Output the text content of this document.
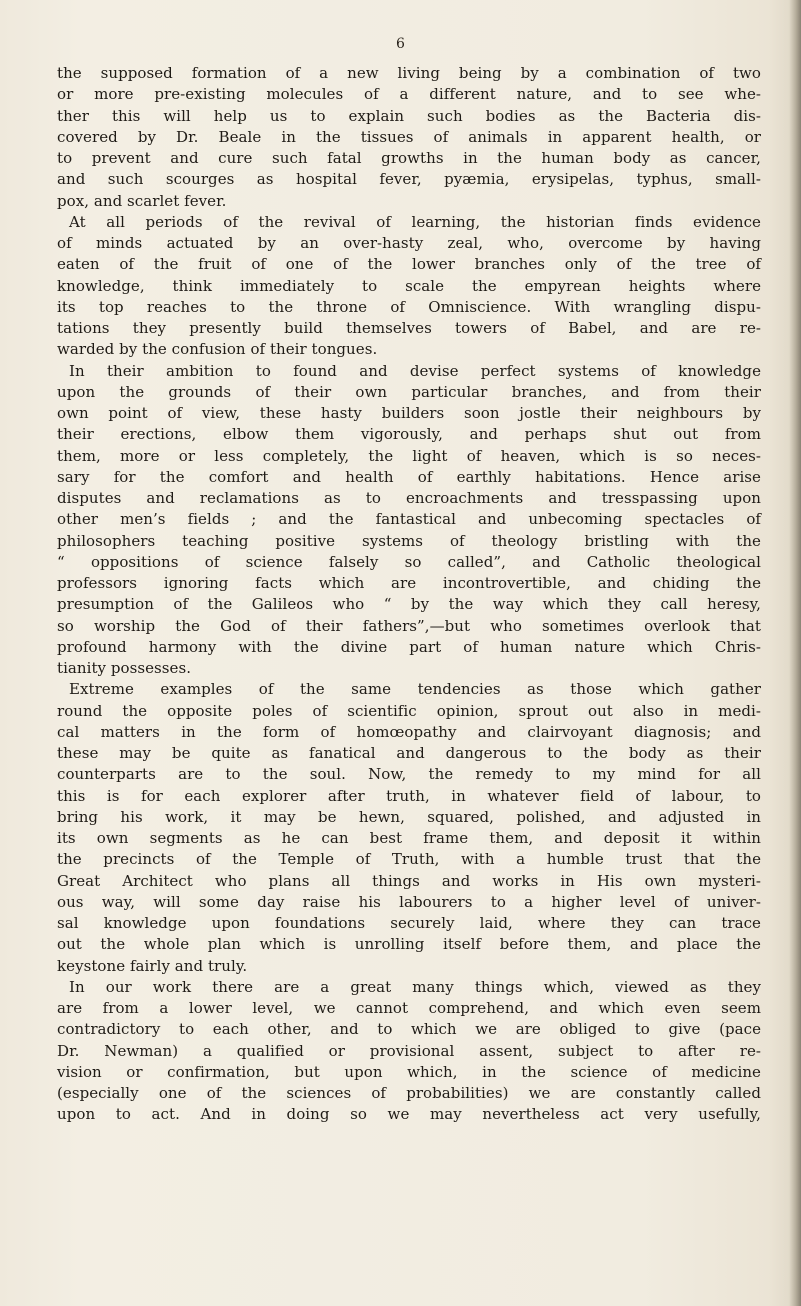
6
the supposed formation of a new living being by a combination of two
or more pre-existing molecules of a different nature, and to see whe-
ther this will help us to explain such bodies as the Bacteria dis-
covered by Dr. Beale in the tissues of animals in apparent health, or
to prevent and cure such fatal growths in the human body as cancer,
and such scourges as hospital fever, pyæmia, erysipelas, typhus, small-
pox, and scarlet fever.
At all periods of the revival of learning, the historian finds evidence
of minds actuated by an over-hasty zeal, who, overcome by having
eaten of the fruit of one of the lower branches only of the tree of
knowledge, think immediately to scale the empyrean heights where
its top reaches to the throne of Omniscience. With wrangling dispu-
tations they presently build themselves towers of Babel, and are re-
warded by the confusion of their tongues.
In their ambition to found and devise perfect systems of knowledge
upon the grounds of their own particular branches, and from their
own point of view, these hasty builders soon jostle their neighbours by
their erections, elbow them vigorously, and perhaps shut out from
them, more or less completely, the light of heaven, which is so neces-
sary for the comfort and health of earthly habitations. Hence arise
disputes and reclamations as to encroachments and tresspassing upon
other men’s fields ; and the fantastical and unbecoming spectacles of
philosophers teaching positive systems of theology bristling with the
“ oppositions of science falsely so called”, and Catholic theological
professors ignoring facts which are incontrovertible, and chiding the
presumption of the Galileos who “ by the way which they call heresy,
so worship the God of their fathers”,—but who sometimes overlook that
profound harmony with the divine part of human nature which Chris-
tianity possesses.
Extreme examples of the same tendencies as those which gather
round the opposite poles of scientific opinion, sprout out also in medi-
cal matters in the form of homœopathy and clairvoyant diagnosis; and
these may be quite as fanatical and dangerous to the body as their
counterparts are to the soul. Now, the remedy to my mind for all
this is for each explorer after truth, in whatever field of labour, to
bring his work, it may be hewn, squared, polished, and adjusted in
its own segments as he can best frame them, and deposit it within
the precincts of the Temple of Truth, with a humble trust that the
Great Architect who plans all things and works in His own mysteri-
ous way, will some day raise his labourers to a higher level of univer-
sal knowledge upon foundations securely laid, where they can trace
out the whole plan which is unrolling itself before them, and place the
keystone fairly and truly.
In our work there are a great many things which, viewed as they
are from a lower level, we cannot comprehend, and which even seem
contradictory to each other, and to which we are obliged to give (pace
Dr. Newman) a qualified or provisional assent, subject to after re-
vision or confirmation, but upon which, in the science of medicine
(especially one of the sciences of probabilities) we are constantly called
upon to act. And in doing so we may nevertheless act very usefully,
